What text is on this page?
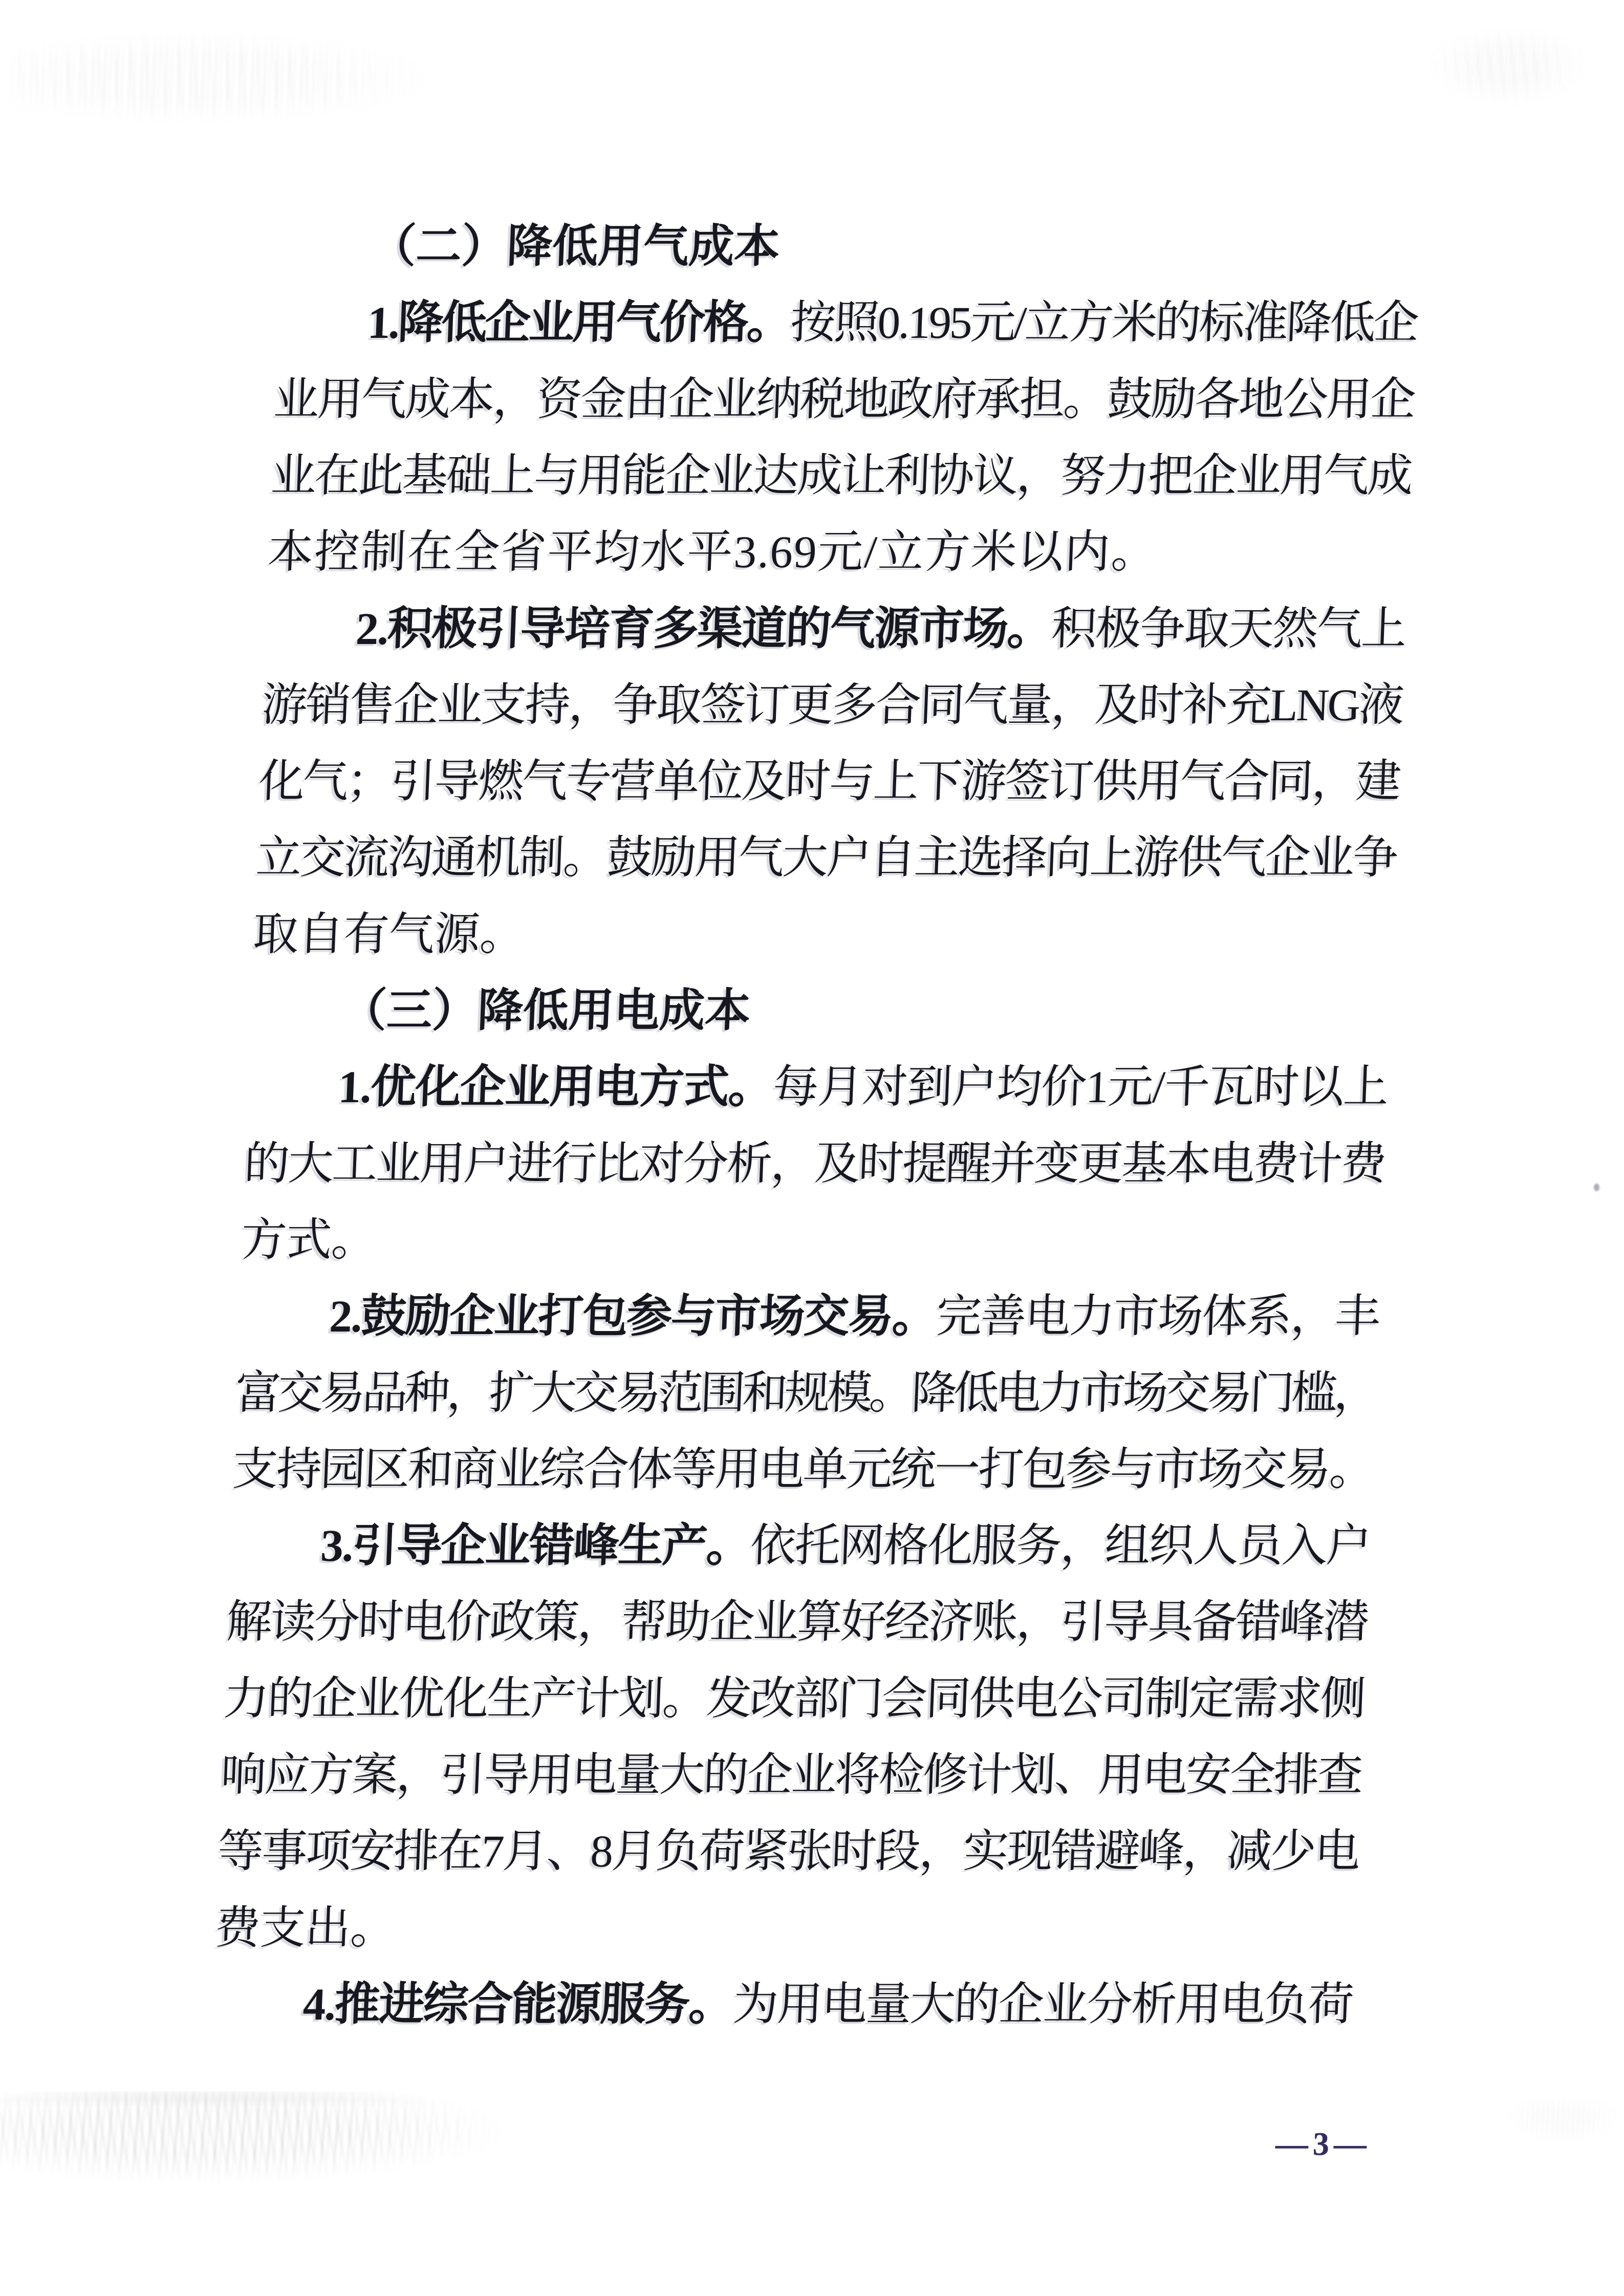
（二）降低用气成本
1.降低企业用气价格。按照0.195元/立方米的标准降低企
业用气成本，资金由企业纳税地政府承担。鼓励各地公用企
业在此基础上与用能企业达成让利协议，努力把企业用气成
本控制在全省平均水平3.69元/立方米以内。
2.积极引导培育多渠道的气源市场。积极争取天然气上
游销售企业支持，争取签订更多合同气量，及时补充LNG液
化气；引导燃气专营单位及时与上下游签订供用气合同，建
立交流沟通机制。鼓励用气大户自主选择向上游供气企业争
取自有气源。
（三）降低用电成本
1.优化企业用电方式。每月对到户均价1元/千瓦时以上
的大工业用户进行比对分析，及时提醒并变更基本电费计费
方式。
2.鼓励企业打包参与市场交易。完善电力市场体系，丰
富交易品种，扩大交易范围和规模。降低电力市场交易门槛，
支持园区和商业综合体等用电单元统一打包参与市场交易。
3.引导企业错峰生产。依托网格化服务，组织人员入户
解读分时电价政策，帮助企业算好经济账，引导具备错峰潜
力的企业优化生产计划。发改部门会同供电公司制定需求侧
响应方案，引导用电量大的企业将检修计划、用电安全排查
等事项安排在7月、8月负荷紧张时段，实现错避峰，减少电
费支出。
4.推进综合能源服务。为用电量大的企业分析用电负荷
—3—
